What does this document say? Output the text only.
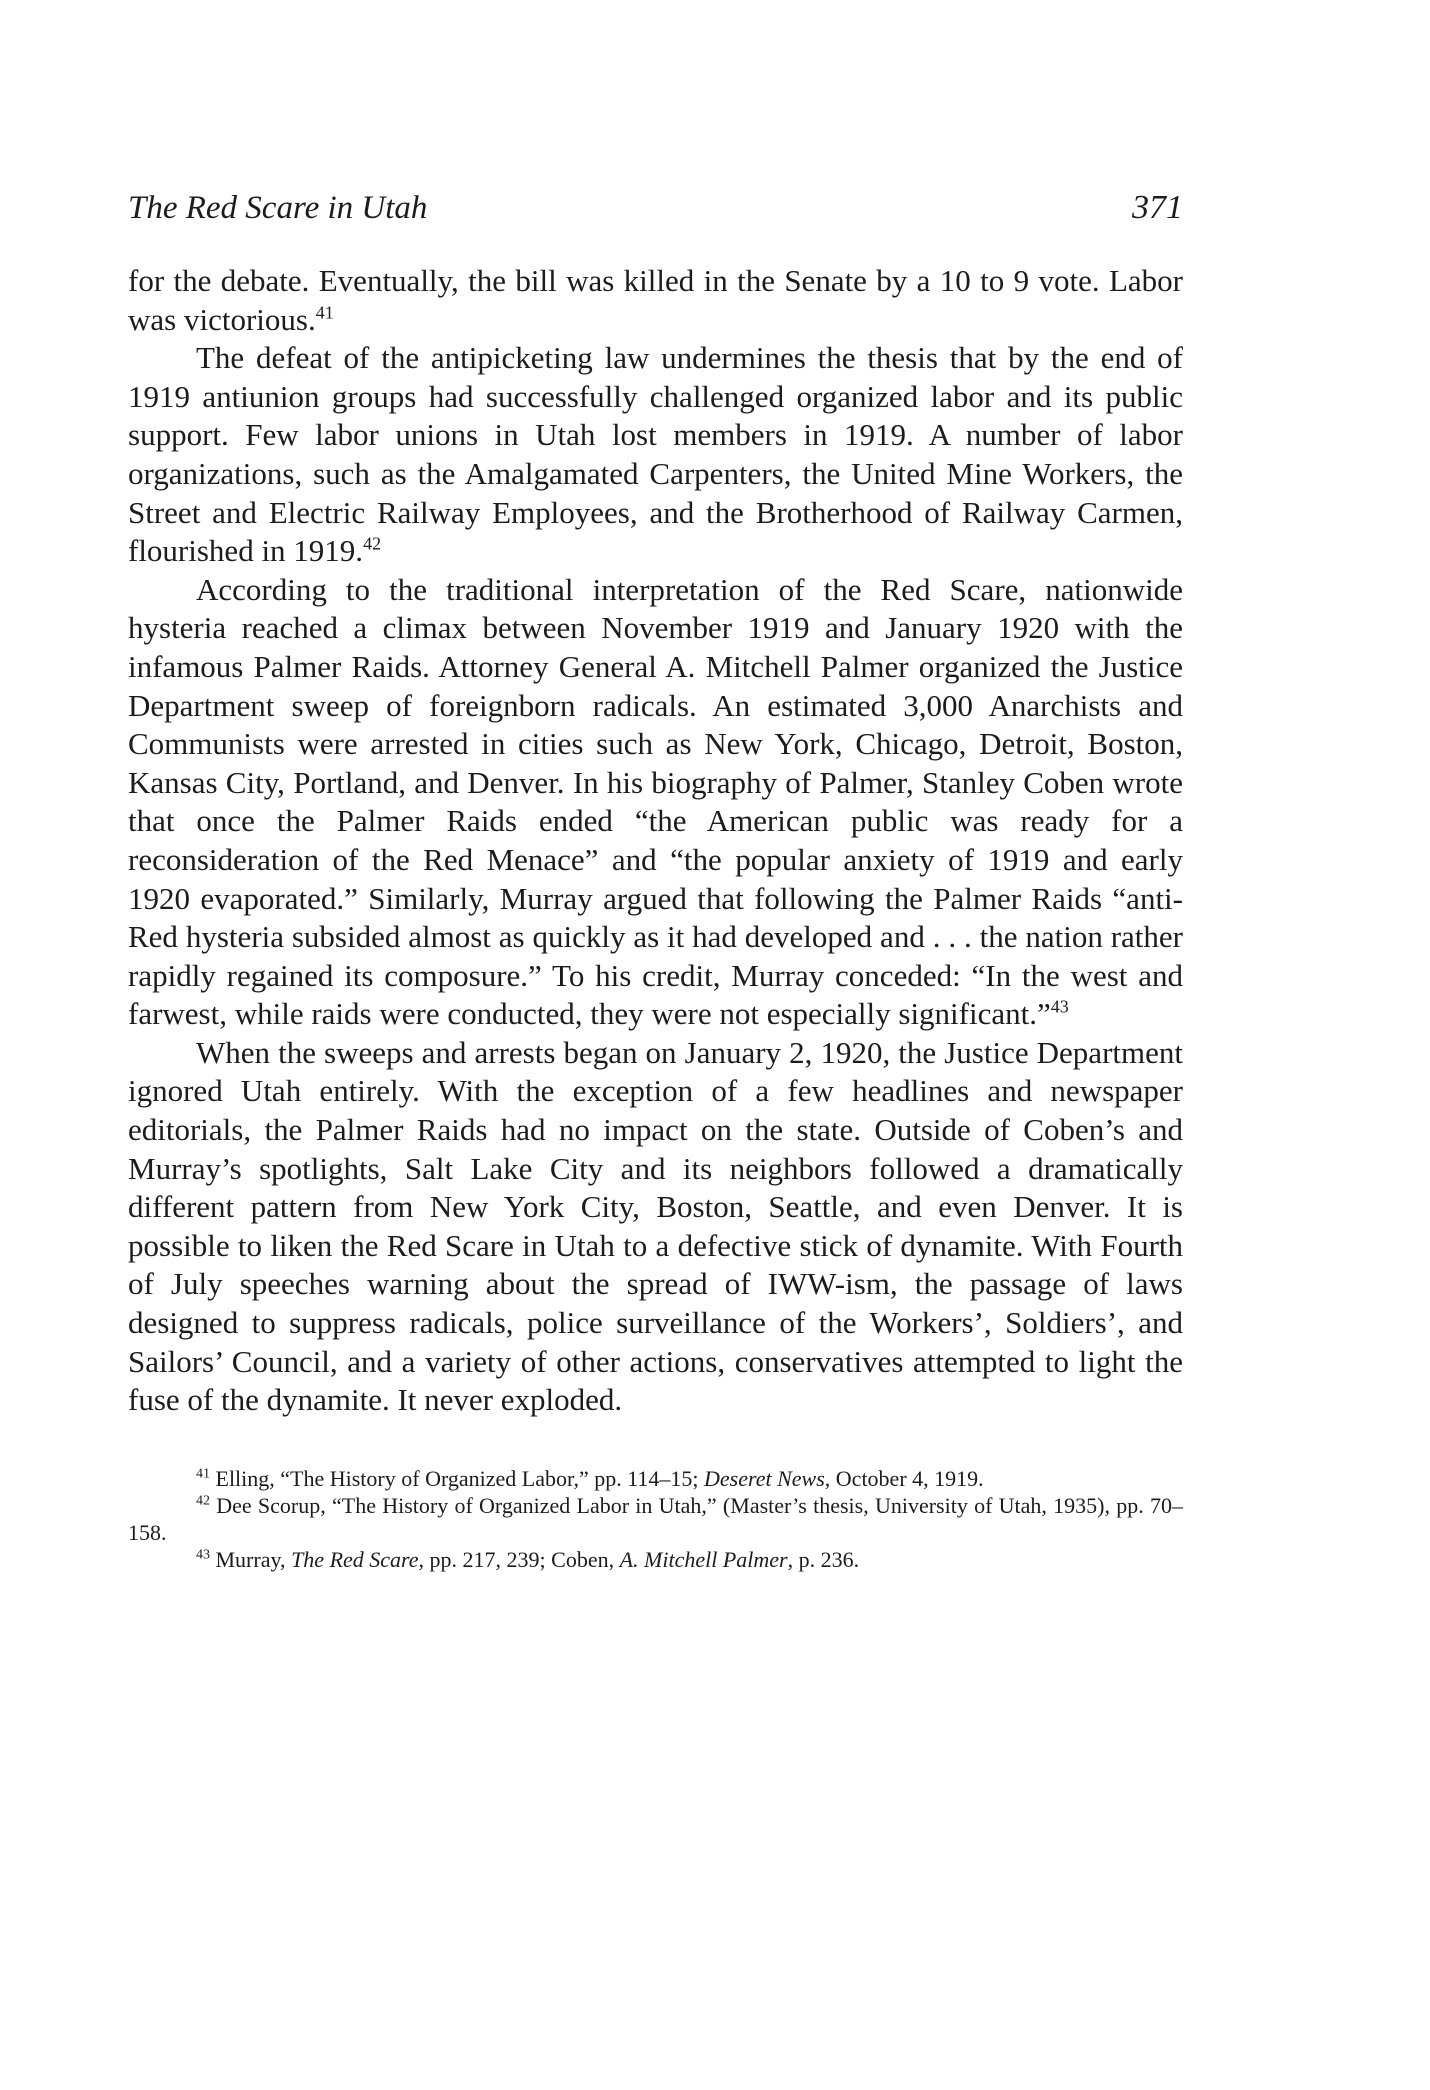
The Red Scare in Utah	371

for the debate. Eventually, the bill was killed in the Senate by a 10 to 9 vote. Labor was victorious.$^{41}$

The defeat of the antipicketing law undermines the thesis that by the end of 1919 antiunion groups had successfully challenged organized labor and its public support. Few labor unions in Utah lost members in 1919. A number of labor organizations, such as the Amalgamated Carpenters, the United Mine Workers, the Street and Electric Railway Employees, and the Brotherhood of Railway Carmen, flourished in 1919.42

According to the traditional interpretation of the Red Scare, nationwide hysteria reached a climax between November 1919 and January 1920 with the infamous Palmer Raids. Attorney General A. Mitchell Palmer organized the Justice Department sweep of foreignborn radicals. An estimated 3,000 Anarchists and Communists were arrested in cities such as New York, Chicago, Detroit, Boston, Kansas City, Portland, and Denver. In his biography of Palmer, Stanley Coben wrote that once the Palmer Raids ended “the American public was ready for a reconsideration of the Red Menace” and “the popular anxiety of 1919 and early 1920 evaporated.” Similarly, Murray argued that following the Palmer Raids “anti-Red hysteria subsided almost as quickly as it had developed and . . . the nation rather rapidly regained its composure.” To his credit, Murray conceded: “In the west and farwest, while raids were conducted, they were not especially significant.”$^{43}$

When the sweeps and arrests began on January 2, 1920, the Justice Department ignored Utah entirely. With the exception of a few headlines and newspaper editorials, the Palmer Raids had no impact on the state. Outside of Coben’s and Murray’s spotlights, Salt Lake City and its neighbors followed a dramatically different pattern from New York City, Boston, Seattle, and even Denver. It is possible to liken the Red Scare in Utah to a defective stick of dynamite. With Fourth of July speeches warning about the spread of IWW-ism, the passage of laws designed to suppress radicals, police surveillance of the Workers’, Soldiers’, and Sailors’ Council, and a variety of other actions, conservatives attempted to light the fuse of the dynamite. It never exploded.

$^{41}$ Elling, “The History of Organized Labor,” pp. 114–15; Deseret News, October 4, 1919.

$^{42}$ Dee Scorup, “The History of Organized Labor in Utah,” (Master’s thesis, University of Utah, 1935), pp. 70–158.

$^{43}$ Murray, The Red Scare, pp. 217, 239; Coben, A. Mitchell Palmer, p. 236.
